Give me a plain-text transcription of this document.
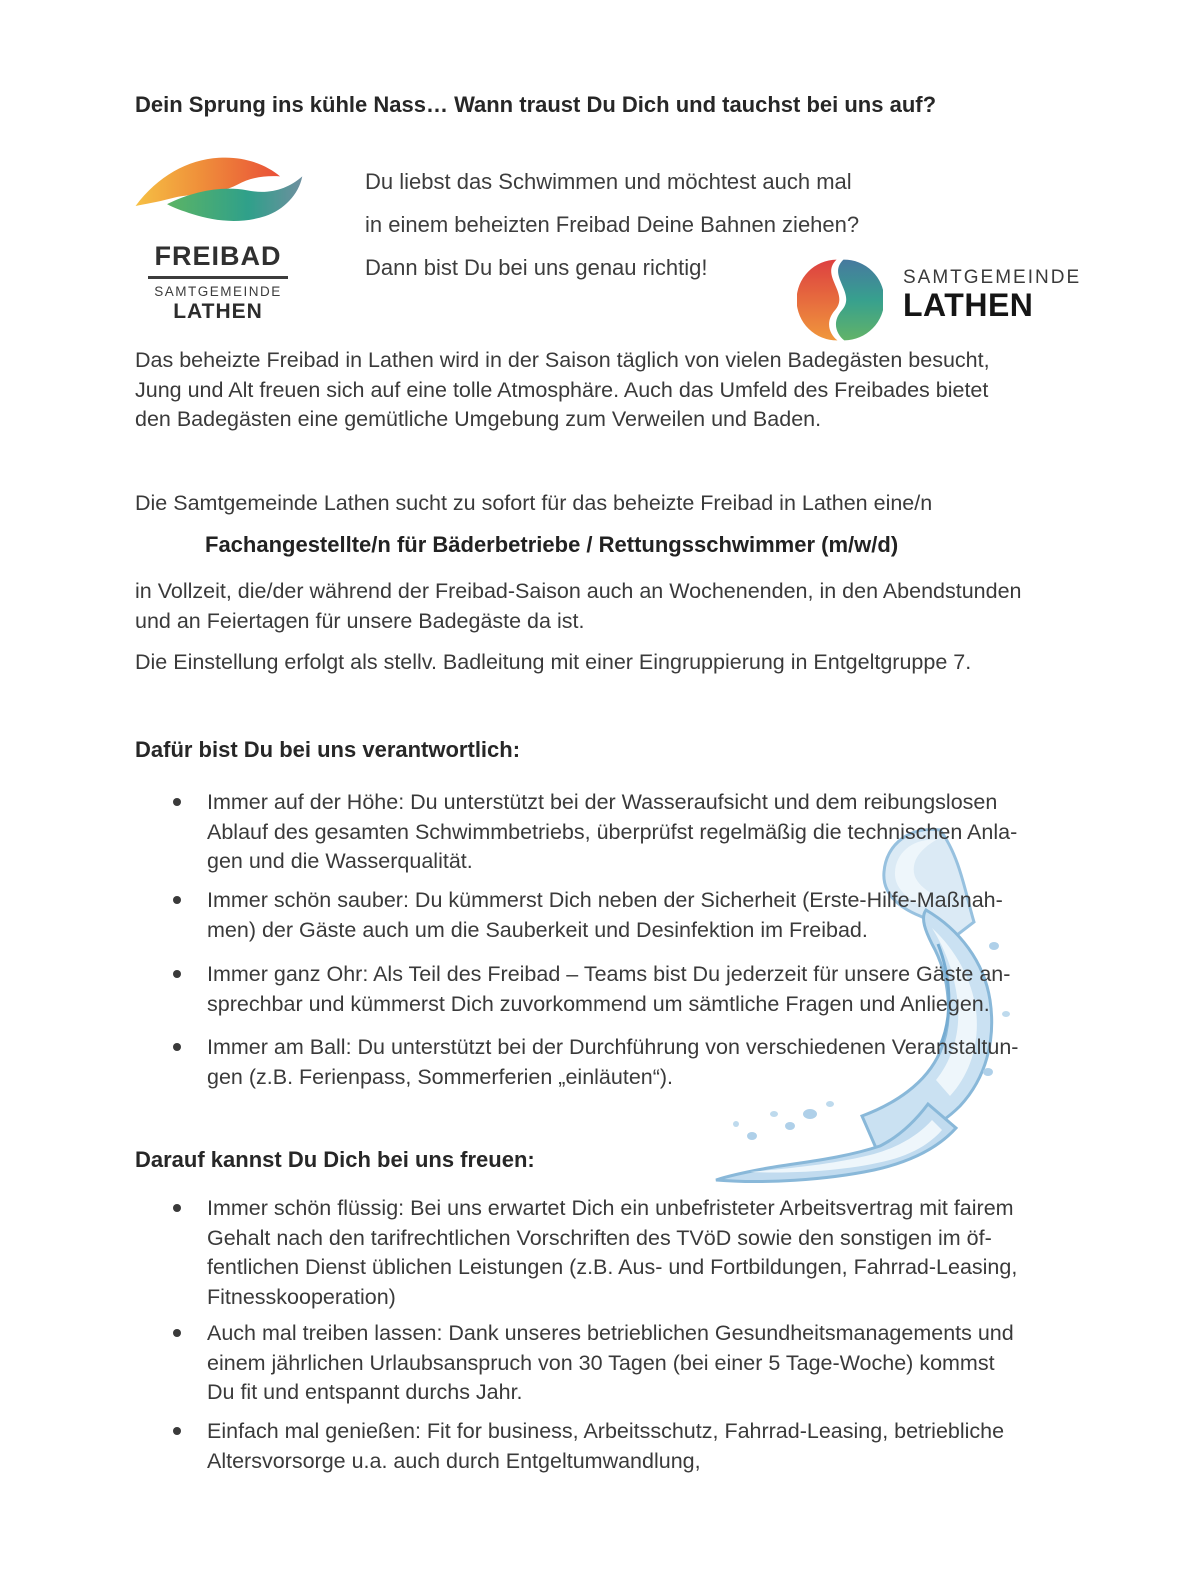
Dein Sprung ins kühle Nass… Wann traust Du Dich und tauchst bei uns auf?
FREIBAD
SAMTGEMEINDE
LATHEN
Du liebst das Schwimmen und möchtest auch mal
in einem beheizten Freibad Deine Bahnen ziehen?
Dann bist Du bei uns genau richtig!	SAMTGEMEINDE
LATHEN
Das beheizte Freibad in Lathen wird in der Saison täglich von vielen Badegästen besucht,
Jung und Alt freuen sich auf eine tolle Atmosphäre. Auch das Umfeld des Freibades bietet
den Badegästen eine gemütliche Umgebung zum Verweilen und Baden.
Die Samtgemeinde Lathen sucht zu sofort für das beheizte Freibad in Lathen eine/n
Fachangestellte/n für Bäderbetriebe / Rettungsschwimmer (m/w/d)
in Vollzeit, die/der während der Freibad-Saison auch an Wochenenden, in den Abendstunden
und an Feiertagen für unsere Badegäste da ist.
Die Einstellung erfolgt als stellv. Badleitung mit einer Eingruppierung in Entgeltgruppe 7.
Dafür bist Du bei uns verantwortlich:
Immer auf der Höhe: Du unterstützt bei der Wasseraufsicht und dem reibungslosen
Ablauf des gesamten Schwimmbetriebs, überprüfst regelmäßig die technischen Anla-
gen und die Wasserqualität.
Immer schön sauber: Du kümmerst Dich neben der Sicherheit (Erste-Hilfe-Maßnah-
men) der Gäste auch um die Sauberkeit und Desinfektion im Freibad.
Immer ganz Ohr: Als Teil des Freibad – Teams bist Du jederzeit für unsere Gäste an-
sprechbar und kümmerst Dich zuvorkommend um sämtliche Fragen und Anliegen.
Immer am Ball: Du unterstützt bei der Durchführung von verschiedenen Veranstaltun-
gen (z.B. Ferienpass, Sommerferien „einläuten“).
Darauf kannst Du Dich bei uns freuen:
Immer schön flüssig: Bei uns erwartet Dich ein unbefristeter Arbeitsvertrag mit fairem
Gehalt nach den tarifrechtlichen Vorschriften des TVöD sowie den sonstigen im öf-
fentlichen Dienst üblichen Leistungen (z.B. Aus- und Fortbildungen, Fahrrad-Leasing,
Fitnesskooperation)
Auch mal treiben lassen: Dank unseres betrieblichen Gesundheitsmanagements und
einem jährlichen Urlaubsanspruch von 30 Tagen (bei einer 5 Tage-Woche) kommst
Du fit und entspannt durchs Jahr.
Einfach mal genießen: Fit for business, Arbeitsschutz, Fahrrad-Leasing, betriebliche
Altersvorsorge u.a. auch durch Entgeltumwandlung,
